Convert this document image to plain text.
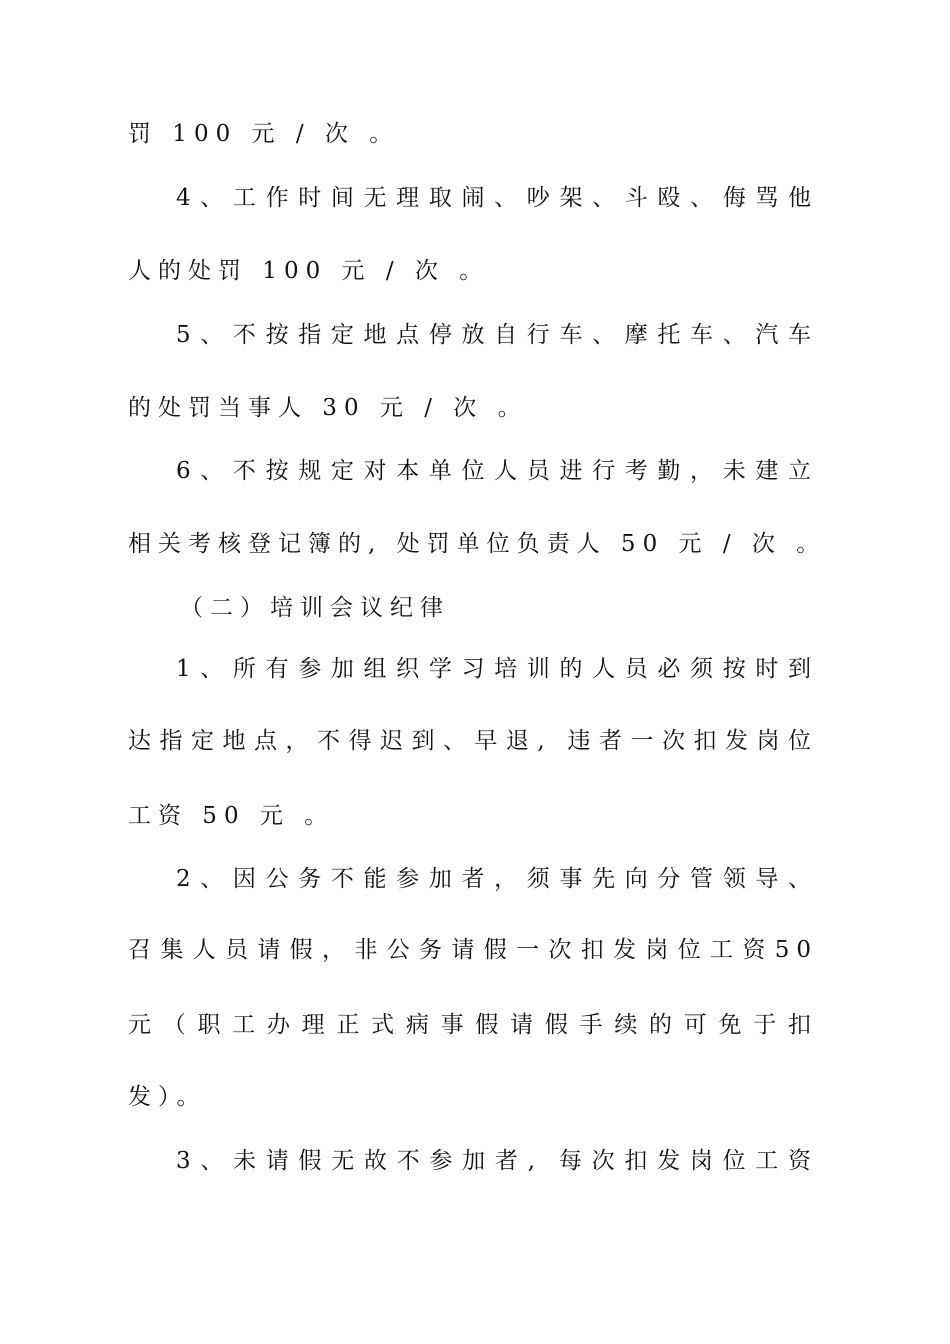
罚 100 元 / 次 。
4、工作时间无理取闹、吵架、斗殴、侮骂他
人的处罚 100 元 / 次 。
5、不按指定地点停放自行车、摩托车、汽车
的处罚当事人 30 元 / 次 。
6、不按规定对本单位人员进行考勤，未建立
相关考核登记簿的, 处罚单位负责人 50 元 / 次 。
（二）培训会议纪律
1、所有参加组织学习培训的人员必须按时到
达指定地点，不得迟到、早退, 违者一次扣发岗位
工资 50 元 。
2、因公务不能参加者，须事先向分管领导、
召集人员请假，非公务请假一次扣发岗位工资50
元（职工办理正式病事假请假手续的可免于扣
发）。
3、未请假无故不参加者, 每次扣发岗位工资
